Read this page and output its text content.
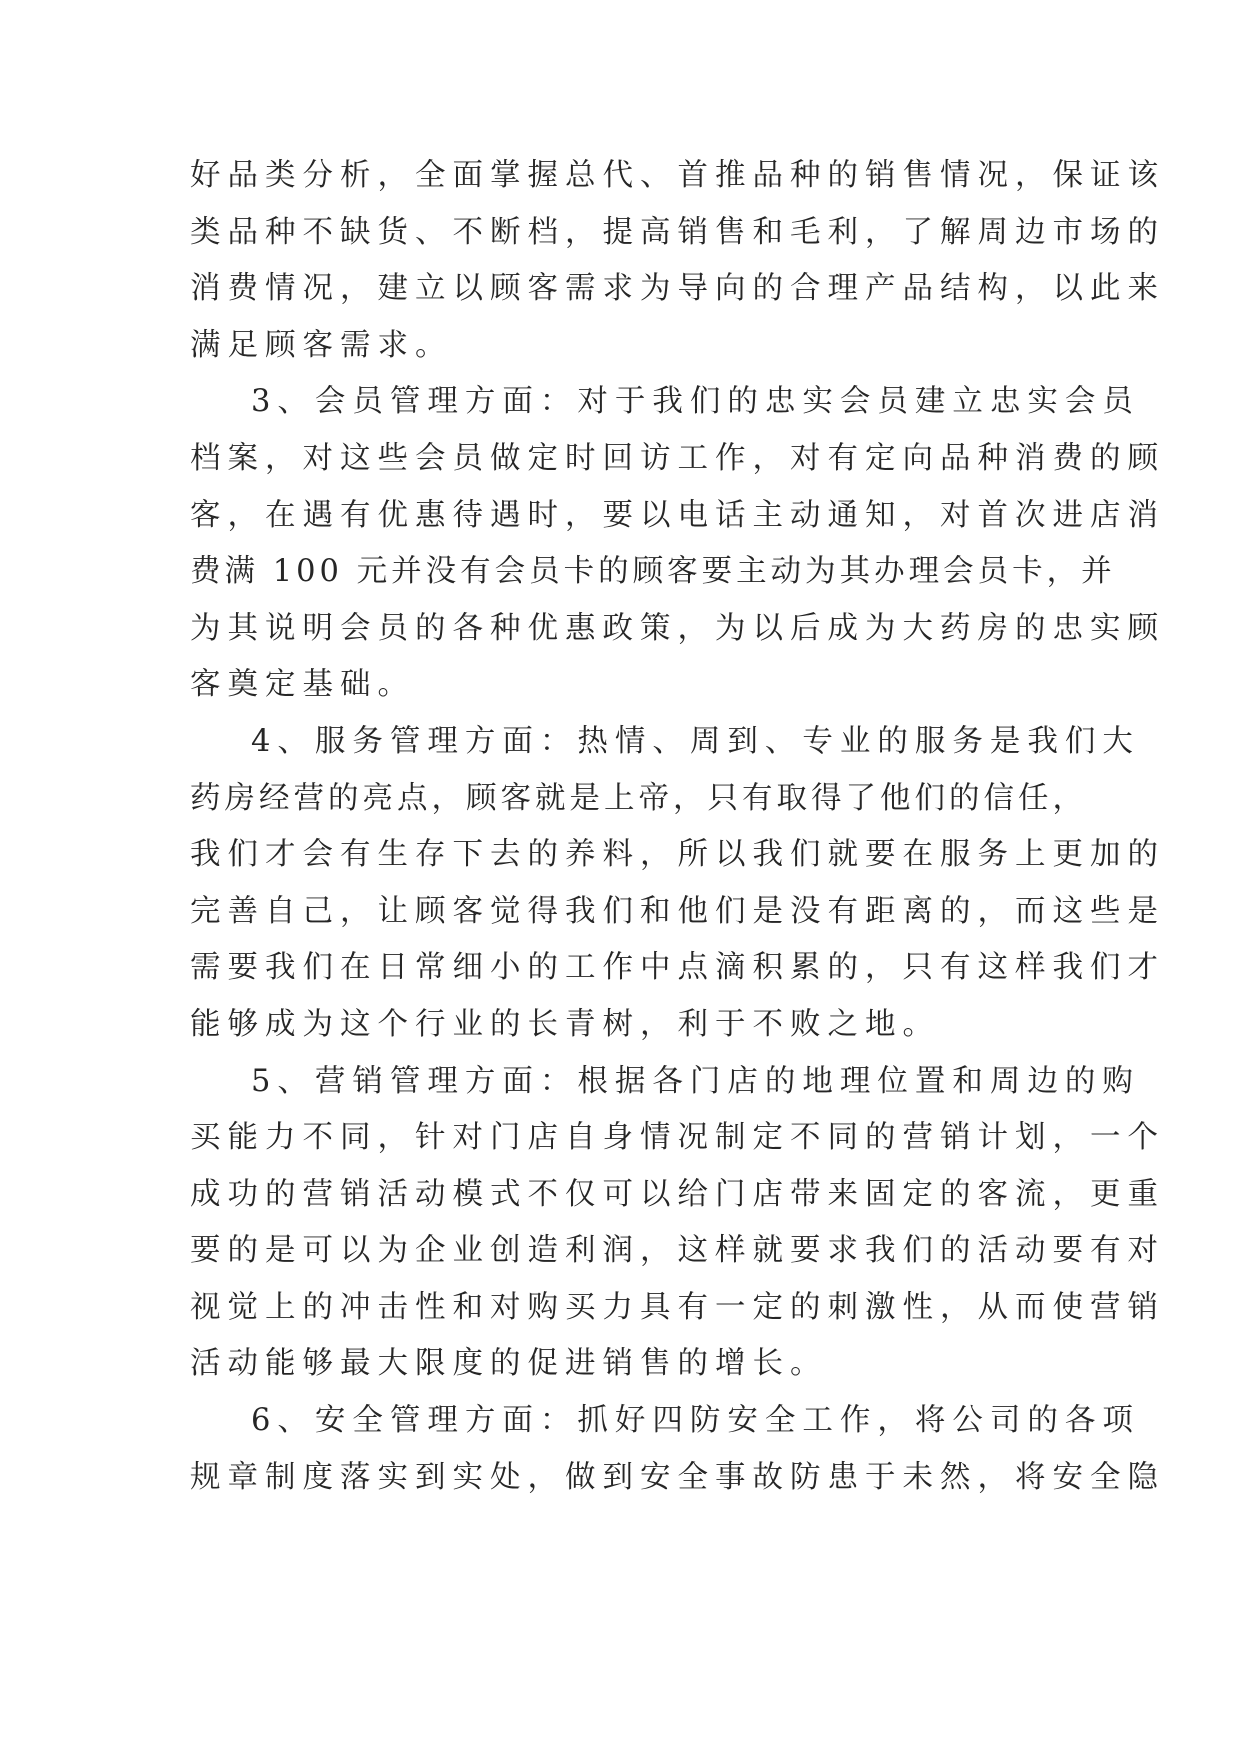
好品类分析，全面掌握总代、首推品种的销售情况，保证该
类品种不缺货、不断档，提高销售和毛利，了解周边市场的
消费情况，建立以顾客需求为导向的合理产品结构，以此来
满足顾客需求。
3、会员管理方面：对于我们的忠实会员建立忠实会员
档案，对这些会员做定时回访工作，对有定向品种消费的顾
客，在遇有优惠待遇时，要以电话主动通知，对首次进店消
费满 100 元并没有会员卡的顾客要主动为其办理会员卡，并
为其说明会员的各种优惠政策，为以后成为大药房的忠实顾
客奠定基础。
4、服务管理方面：热情、周到、专业的服务是我们大
药房经营的亮点，顾客就是上帝，只有取得了他们的信任，
我们才会有生存下去的养料，所以我们就要在服务上更加的
完善自己，让顾客觉得我们和他们是没有距离的，而这些是
需要我们在日常细小的工作中点滴积累的，只有这样我们才
能够成为这个行业的长青树，利于不败之地。
5、营销管理方面：根据各门店的地理位置和周边的购
买能力不同，针对门店自身情况制定不同的营销计划，一个
成功的营销活动模式不仅可以给门店带来固定的客流，更重
要的是可以为企业创造利润，这样就要求我们的活动要有对
视觉上的冲击性和对购买力具有一定的刺激性，从而使营销
活动能够最大限度的促进销售的增长。
6、安全管理方面：抓好四防安全工作，将公司的各项
规章制度落实到实处，做到安全事故防患于未然，将安全隐
